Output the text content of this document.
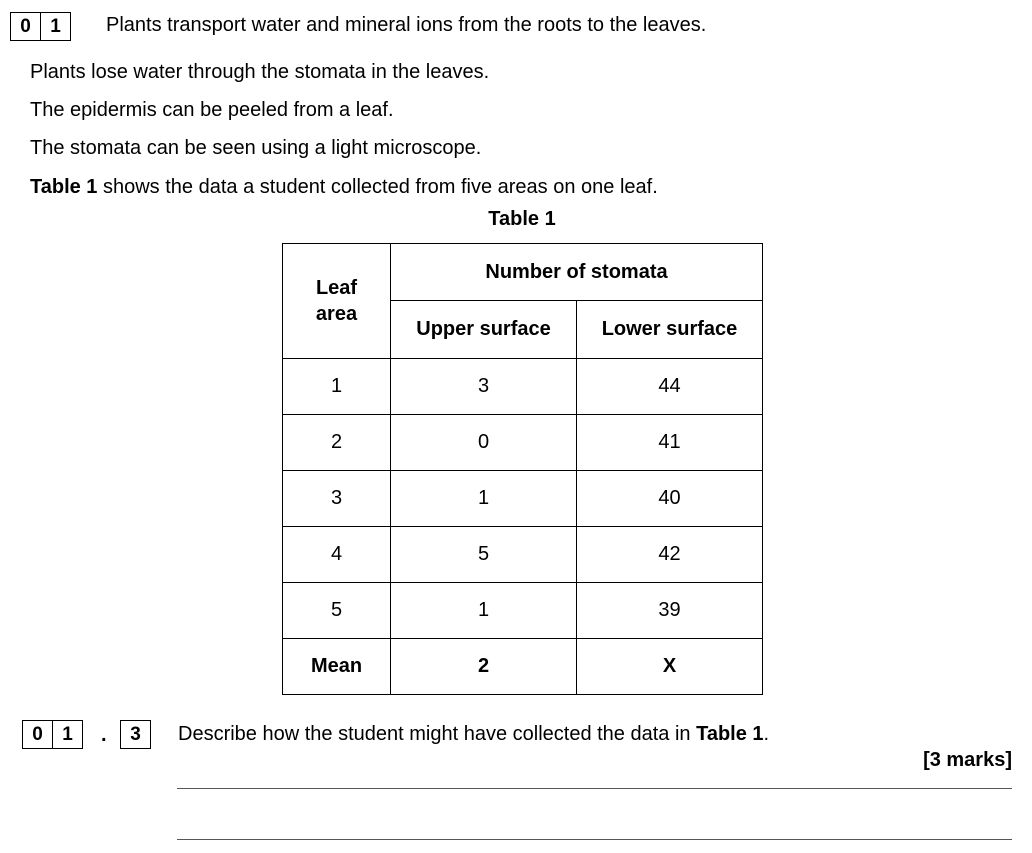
0	1	Plants transport water and mineral ions from the roots to the leaves.
Plants lose water through the stomata in the leaves.
The epidermis can be peeled from a leaf.
The stomata can be seen using a light microscope.
Table 1 shows the data a student collected from five areas on one leaf.
Table 1
Leaf area	Number of stomata	
	Upper surface	Lower surface
1	3	44
2	0	41
3	1	40
4	5	42
5	1	39
Mean	2	X
0	1	.	3	Describe how the student might have collected the data in Table 1.
[3 marks]
